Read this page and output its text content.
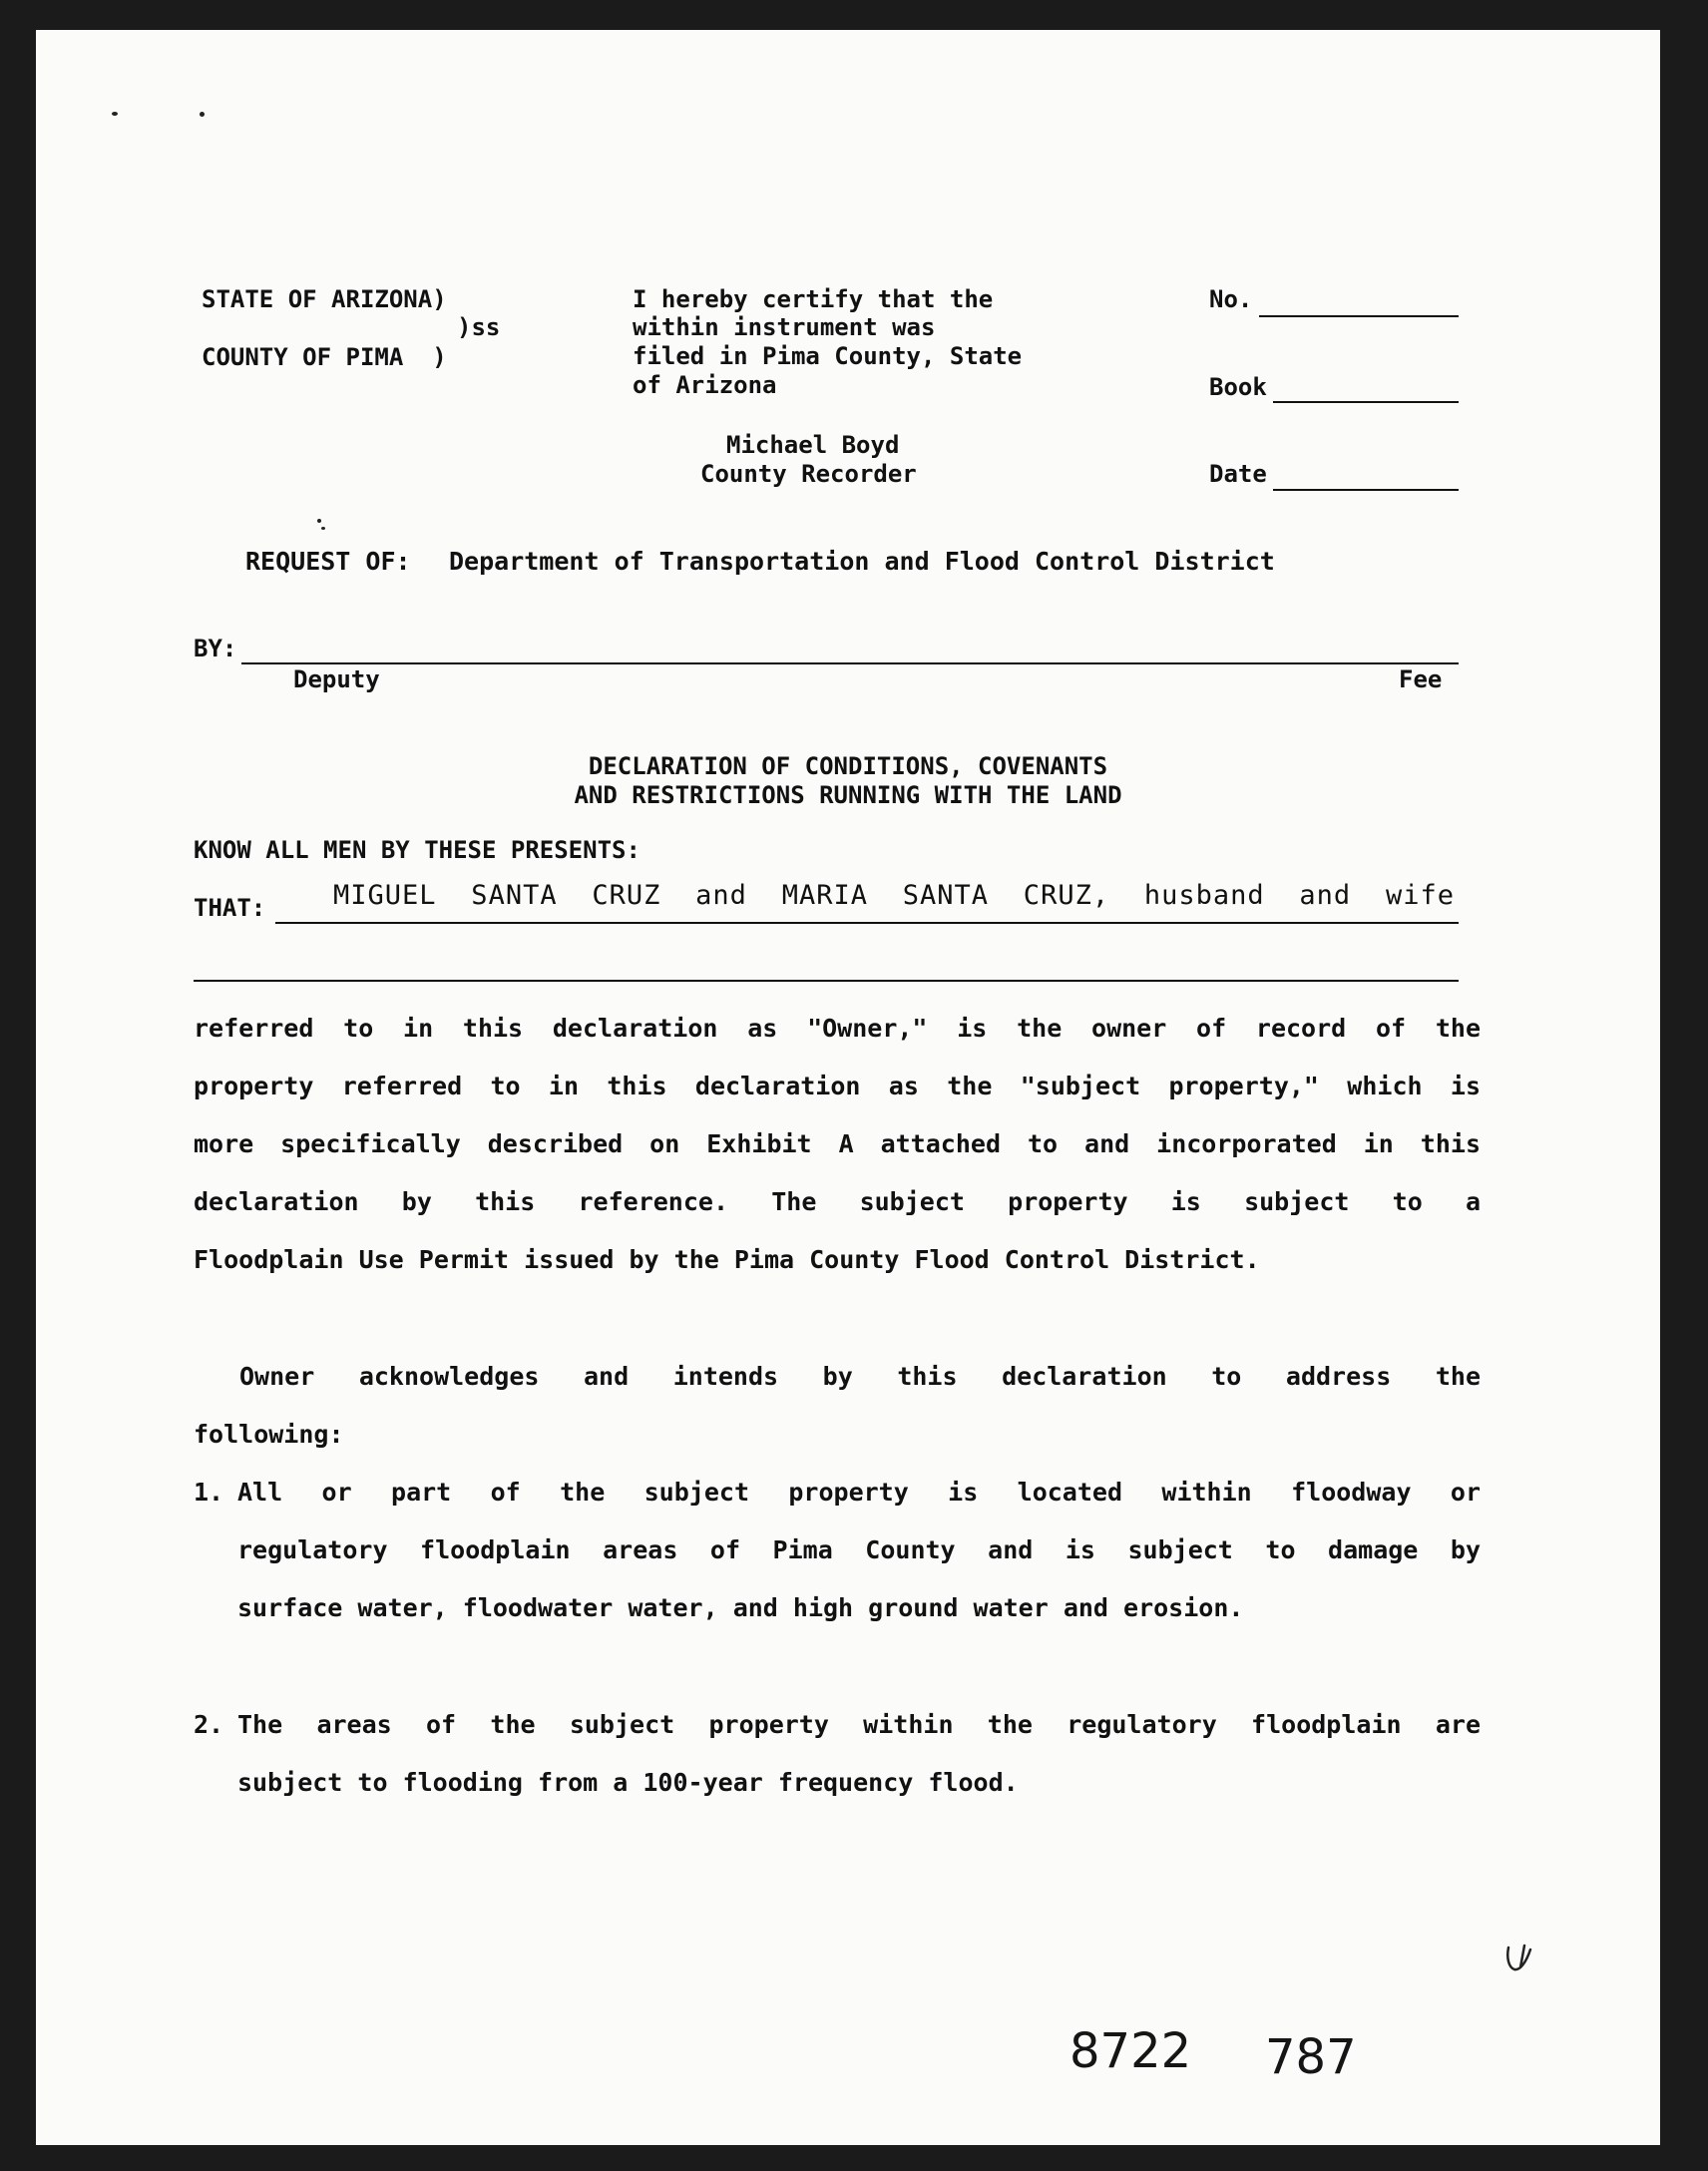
STATE OF ARIZONA)
)ss
COUNTY OF PIMA  )
I hereby certify that the
within instrument was
filed in Pima County, State
of Arizona
Michael Boyd
County Recorder
No.
Book
Date
REQUEST OF: Department of Transportation and Flood Control District
BY:
Deputy	Fee
DECLARATION OF CONDITIONS, COVENANTS
AND RESTRICTIONS RUNNING WITH THE LAND
KNOW ALL MEN BY THESE PRESENTS:
THAT:	MIGUEL SANTA CRUZ and MARIA SANTA CRUZ, husband and wife
referred to in this declaration as "Owner," is the owner of record of the
property referred to in this declaration as the "subject property," which is
more specifically described on Exhibit A attached to and incorporated in this
declaration by this reference. The subject property is subject to a
Floodplain Use Permit issued by the Pima County Flood Control District.
Owner acknowledges and intends by this declaration to address the
following:
1. All or part of the subject property is located within floodway or
regulatory floodplain areas of Pima County and is subject to damage by
surface water, floodwater water, and high ground water and erosion.
2. The areas of the subject property within the regulatory floodplain are
subject to flooding from a 100-year frequency flood.
8722 787
